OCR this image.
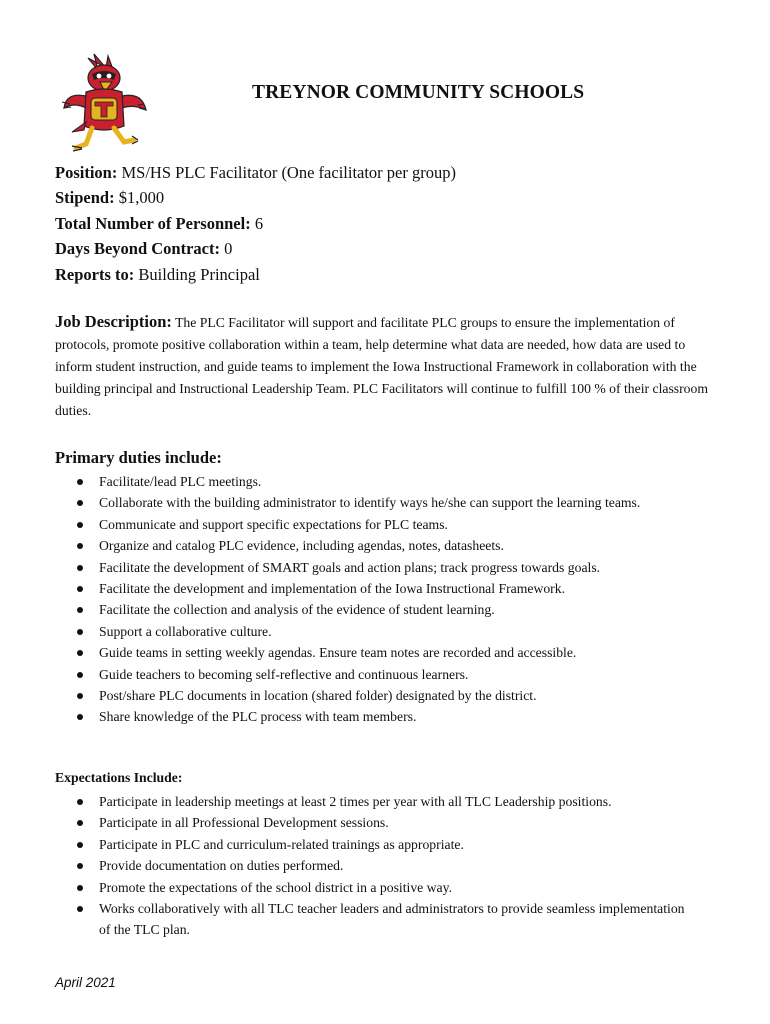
TREYNOR COMMUNITY SCHOOLS
Position: MS/HS PLC Facilitator (One facilitator per group)
Stipend: $1,000
Total Number of Personnel: 6
Days Beyond Contract: 0
Reports to: Building Principal
Job Description: The PLC Facilitator will support and facilitate PLC groups to ensure the implementation of protocols, promote positive collaboration within a team, help determine what data are needed, how data are used to inform student instruction, and guide teams to implement the Iowa Instructional Framework in collaboration with the building principal and Instructional Leadership Team. PLC Facilitators will continue to fulfill 100 % of their classroom duties.
Primary duties include:
Facilitate/lead PLC meetings.
Collaborate with the building administrator to identify ways he/she can support the learning teams.
Communicate and support specific expectations for PLC teams.
Organize and catalog PLC evidence, including agendas, notes, datasheets.
Facilitate the development of SMART goals and action plans; track progress towards goals.
Facilitate the development and implementation of the Iowa Instructional Framework.
Facilitate the collection and analysis of the evidence of student learning.
Support a collaborative culture.
Guide teams in setting weekly agendas. Ensure team notes are recorded and accessible.
Guide teachers to becoming self-reflective and continuous learners.
Post/share PLC documents in location (shared folder) designated by the district.
Share knowledge of the PLC process with team members.
Expectations Include:
Participate in leadership meetings at least 2 times per year with all TLC Leadership positions.
Participate in all Professional Development sessions.
Participate in PLC and curriculum-related trainings as appropriate.
Provide documentation on duties performed.
Promote the expectations of the school district in a positive way.
Works collaboratively with all TLC teacher leaders and administrators to provide seamless implementation of the TLC plan.
April 2021
